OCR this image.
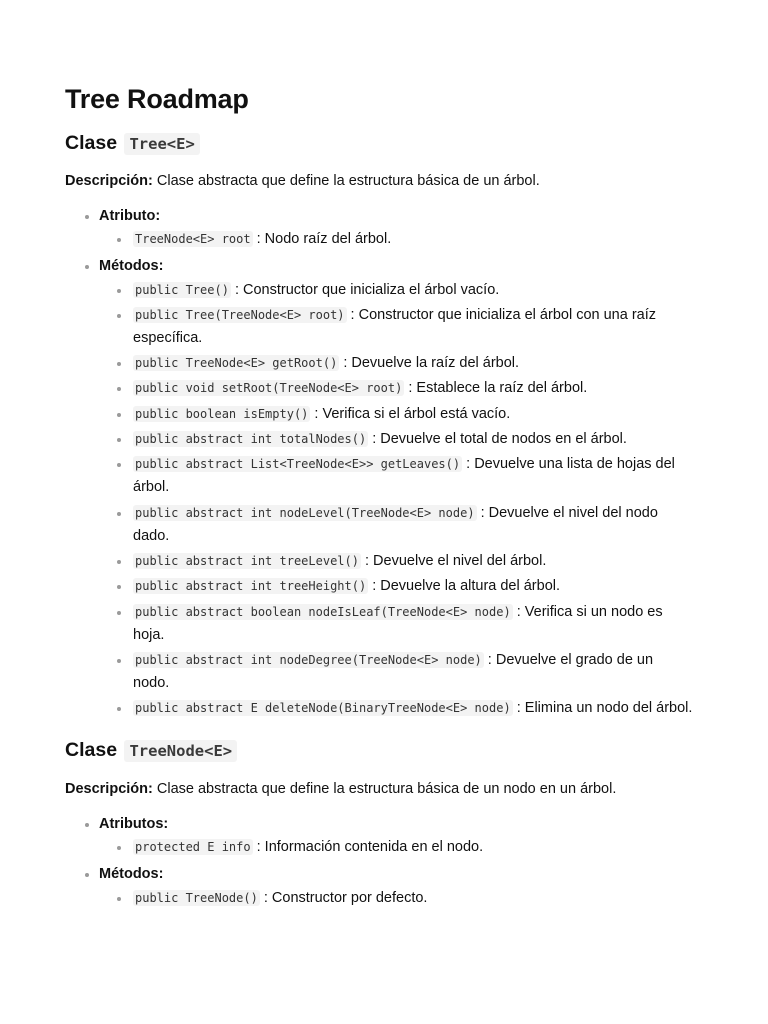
Tree Roadmap
Clase Tree<E>

Descripción: Clase abstracta que define la estructura básica de un árbol.

Atributo:
TreeNode<E> root : Nodo raíz del árbol.
Métodos:
public Tree() : Constructor que inicializa el árbol vacío.
public Tree(TreeNode<E> root) : Constructor que inicializa el árbol con una raíz específica.
public TreeNode<E> getRoot() : Devuelve la raíz del árbol.
public void setRoot(TreeNode<E> root) : Establece la raíz del árbol.
public boolean isEmpty() : Verifica si el árbol está vacío.
public abstract int totalNodes() : Devuelve el total de nodos en el árbol.
public abstract List<TreeNode<E>> getLeaves() : Devuelve una lista de hojas del árbol.
public abstract int nodeLevel(TreeNode<E> node) : Devuelve el nivel del nodo dado.
public abstract int treeLevel() : Devuelve el nivel del árbol.
public abstract int treeHeight() : Devuelve la altura del árbol.
public abstract boolean nodeIsLeaf(TreeNode<E> node) : Verifica si un nodo es hoja.
public abstract int nodeDegree(TreeNode<E> node) : Devuelve el grado de un nodo.
public abstract E deleteNode(BinaryTreeNode<E> node) : Elimina un nodo del árbol.
Clase TreeNode<E>

Descripción: Clase abstracta que define la estructura básica de un nodo en un árbol.

Atributos:
protected E info : Información contenida en el nodo.
Métodos:
public TreeNode() : Constructor por defecto.
